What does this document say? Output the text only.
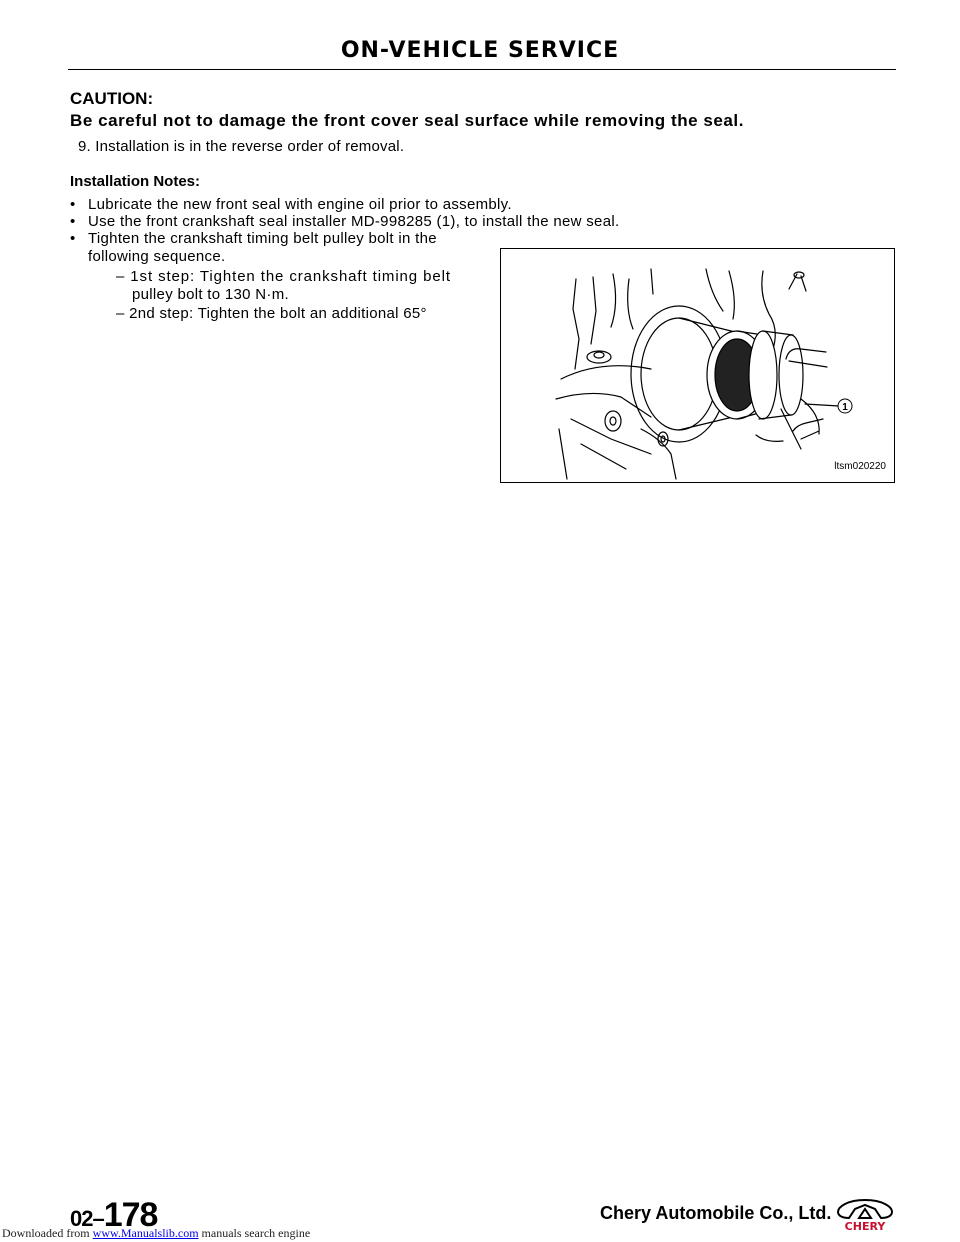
ON-VEHICLE SERVICE
CAUTION:
Be careful not to damage the front cover seal surface while removing the seal.
9. Installation is in the reverse order of removal.
Installation Notes:
• Lubricate the new front seal with engine oil prior to assembly.
• Use the front crankshaft seal installer MD-998285 (1), to install the new seal.
• Tighten the crankshaft timing belt pulley bolt in the
following sequence.
– 1st step: Tighten the crankshaft timing belt
pulley bolt to 130 N·m.
– 2nd step: Tighten the bolt an additional 65°
1
ltsm020220
02–178	Chery Automobile Co., Ltd.
CHERY
Downloaded from www.Manualslib.com manuals search engine
